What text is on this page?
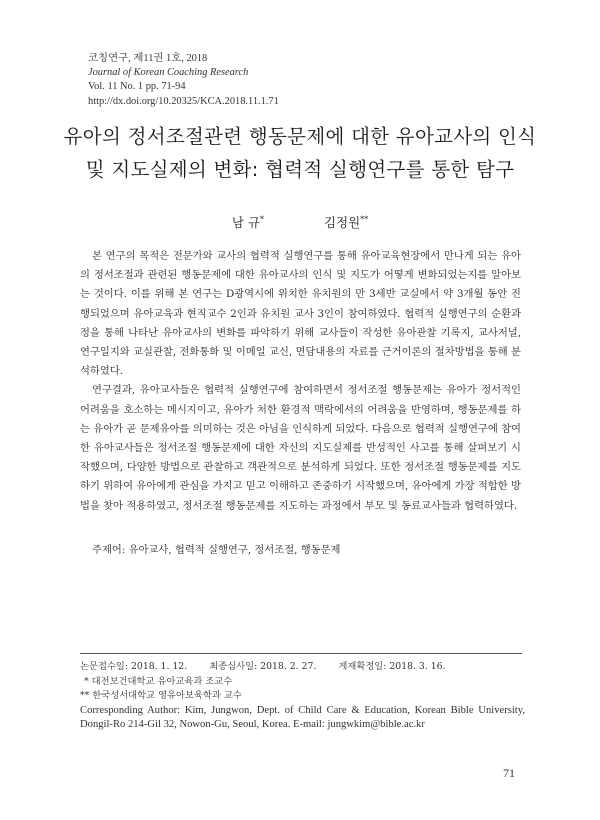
코칭연구, 제11권 1호, 2018
Journal of Korean Coaching Research
Vol. 11 No. 1 pp. 71-94
http://dx.doi.org/10.20325/KCA.2018.11.1.71
유아의 정서조절관련 행동문제에 대한 유아교사의 인식
및 지도실제의 변화: 협력적 실행연구를 통한 탐구
남 규*	김정원**

본 연구의 목적은 전문가와 교사의 협력적 실행연구를 통해 유아교육현장에서 만나게 되는 유아의 정서조절과 관련된 행동문제에 대한 유아교사의 인식 및 지도가 어떻게 변화되었는지를 알아보는 것이다. 이를 위해 본 연구는 D광역시에 위치한 유치원의 만 3세반 교실에서 약 3개월 동안 진행되었으며 유아교육과 현직교수 2인과 유치원 교사 3인이 참여하였다. 협력적 실행연구의 순환과정을 통해 나타난 유아교사의 변화를 파악하기 위해 교사들이 작성한 유아관찰 기록지, 교사저널, 연구일지와 교실관찰, 전화통화 및 이메일 교신, 면담내용의 자료를 근거이론의 절차방법을 통해 분석하였다.

연구결과, 유아교사들은 협력적 실행연구에 참여하면서 정서조절 행동문제는 유아가 정서적인 어려움을 호소하는 메시지이고, 유아가 처한 환경적 맥락에서의 어려움을 반영하며, 행동문제를 하는 유아가 곧 문제유아를 의미하는 것은 아님을 인식하게 되었다. 다음으로 협력적 실행연구에 참여한 유아교사들은 정서조절 행동문제에 대한 자신의 지도실제를 반성적인 사고를 통해 살펴보기 시작했으며, 다양한 방법으로 관찰하고 객관적으로 분석하게 되었다. 또한 정서조절 행동문제를 지도하기 위하여 유아에게 관심을 가지고 믿고 이해하고 존중하기 시작했으며, 유아에게 가장 적합한 방법을 찾아 적용하였고, 정서조절 행동문제를 지도하는 과정에서 부모 및 동료교사들과 협력하였다.

주제어: 유아교사, 협력적 실행연구, 정서조절, 행동문제
논문접수일: 2018. 1. 12. 최종심사일: 2018. 2. 27. 게재확정일: 2018. 3. 16.
* 대전보건대학교 유아교육과 조교수
** 한국성서대학교 영유아보육학과 교수
Corresponding Author: Kim, Jungwon, Dept. of Child Care & Education, Korean Bible University, Dongil-Ro 214-Gil 32, Nowon-Gu, Seoul, Korea. E-mail: jungwkim@bible.ac.kr
71
